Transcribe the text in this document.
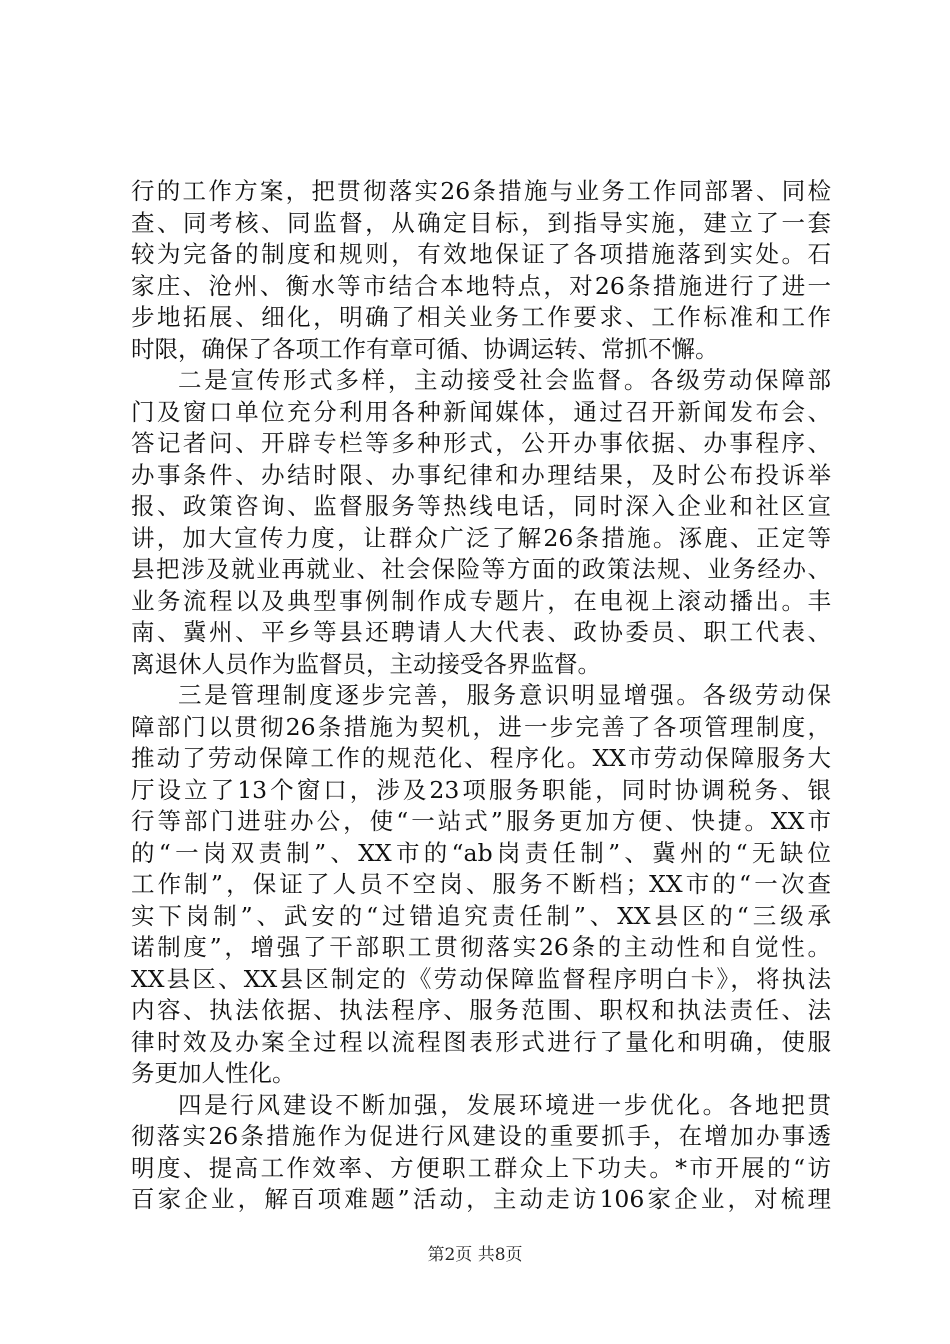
行的工作方案，把贯彻落实26条措施与业务工作同部署、同检
查、同考核、同监督，从确定目标，到指导实施，建立了一套
较为完备的制度和规则，有效地保证了各项措施落到实处。石
家庄、沧州、衡水等市结合本地特点，对26条措施进行了进一
步地拓展、细化，明确了相关业务工作要求、工作标准和工作
时限，确保了各项工作有章可循、协调运转、常抓不懈。
二是宣传形式多样，主动接受社会监督。各级劳动保障部
门及窗口单位充分利用各种新闻媒体，通过召开新闻发布会、
答记者问、开辟专栏等多种形式，公开办事依据、办事程序、
办事条件、办结时限、办事纪律和办理结果，及时公布投诉举
报、政策咨询、监督服务等热线电话，同时深入企业和社区宣
讲，加大宣传力度，让群众广泛了解26条措施。涿鹿、正定等
县把涉及就业再就业、社会保险等方面的政策法规、业务经办、
业务流程以及典型事例制作成专题片，在电视上滚动播出。丰
南、冀州、平乡等县还聘请人大代表、政协委员、职工代表、
离退休人员作为监督员，主动接受各界监督。
三是管理制度逐步完善，服务意识明显增强。各级劳动保
障部门以贯彻26条措施为契机，进一步完善了各项管理制度，
推动了劳动保障工作的规范化、程序化。XX市劳动保障服务大
厅设立了13个窗口，涉及23项服务职能，同时协调税务、银
行等部门进驻办公，使“一站式”服务更加方便、快捷。XX市
的“一岗双责制”、XX市的“ab岗责任制”、冀州的“无缺位
工作制”，保证了人员不空岗、服务不断档；XX市的“一次查
实下岗制”、武安的“过错追究责任制”、XX县区的“三级承
诺制度”，增强了干部职工贯彻落实26条的主动性和自觉性。
XX县区、XX县区制定的《劳动保障监督程序明白卡》，将执法
内容、执法依据、执法程序、服务范围、职权和执法责任、法
律时效及办案全过程以流程图表形式进行了量化和明确，使服
务更加人性化。
四是行风建设不断加强，发展环境进一步优化。各地把贯
彻落实26条措施作为促进行风建设的重要抓手，在增加办事透
明度、提高工作效率、方便职工群众上下功夫。*市开展的“访
百家企业，解百项难题”活动，主动走访106家企业，对梳理
第2页 共8页
